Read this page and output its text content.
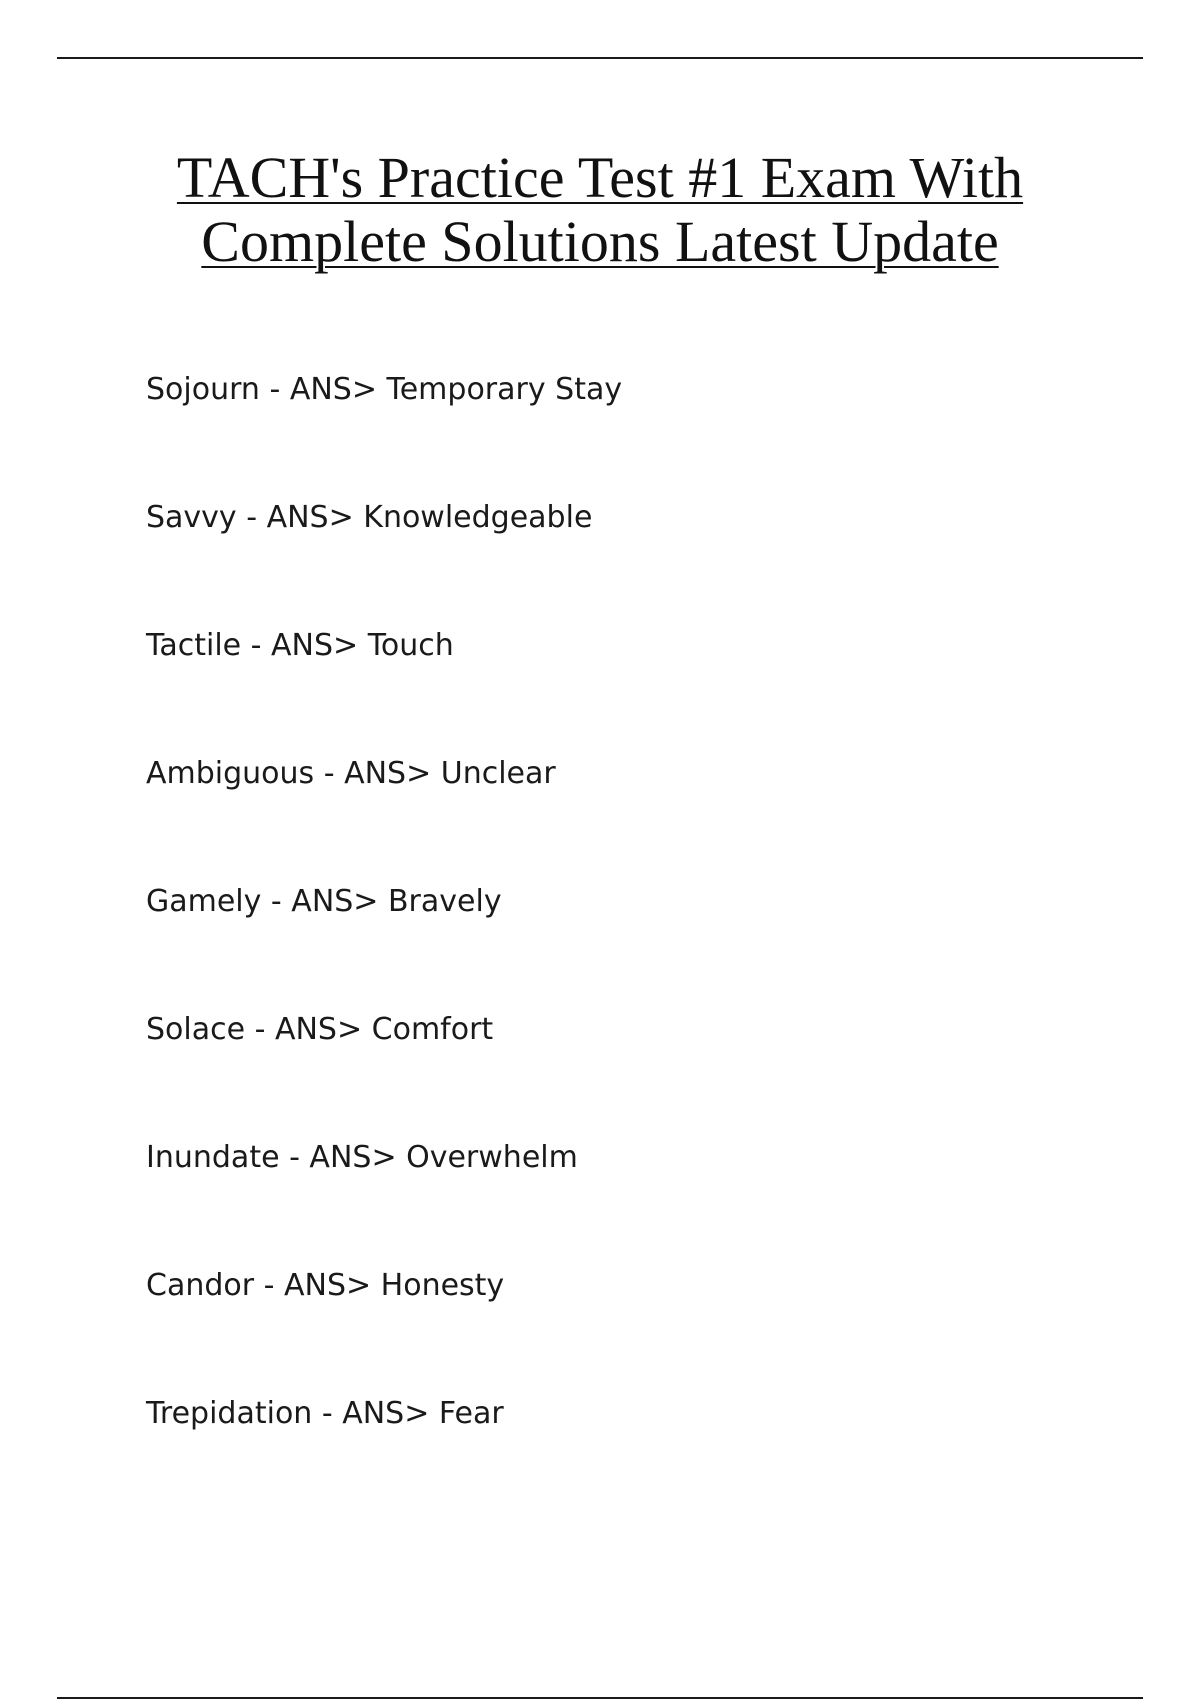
TACH's Practice Test #1 Exam With
Complete Solutions Latest Update
Sojourn - ANS> Temporary Stay
Savvy - ANS> Knowledgeable
Tactile - ANS> Touch
Ambiguous - ANS> Unclear
Gamely - ANS> Bravely
Solace - ANS> Comfort
Inundate - ANS> Overwhelm
Candor - ANS> Honesty
Trepidation - ANS> Fear
